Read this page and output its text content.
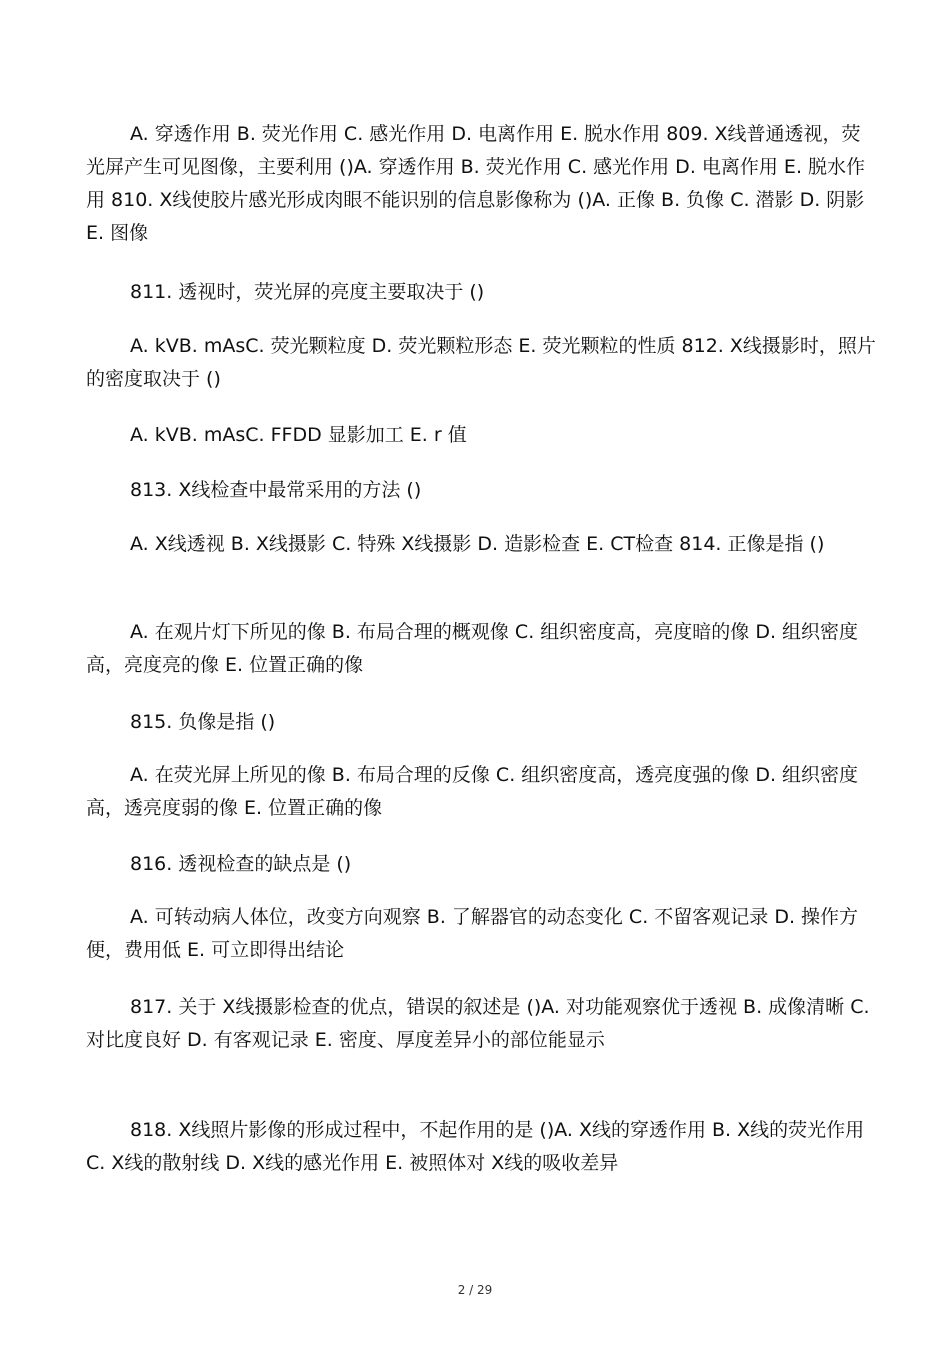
A. 穿透作用 B. 荧光作用 C. 感光作用 D. 电离作用 E. 脱水作用 809. X线普通透视，荧光屏产生可见图像，主要利用 ()A. 穿透作用 B. 荧光作用 C. 感光作用 D. 电离作用 E. 脱水作用 810. X线使胶片感光形成肉眼不能识别的信息影像称为 ()A. 正像 B. 负像 C. 潜影 D. 阴影 E. 图像

811. 透视时，荧光屏的亮度主要取决于 ()

A. kVB. mAsC. 荧光颗粒度 D. 荧光颗粒形态 E. 荧光颗粒的性质 812. X线摄影时，照片的密度取决于 ()

A. kVB. mAsC. FFDD 显影加工 E. r 值

813. X线检查中最常采用的方法 ()

A. X线透视 B. X线摄影 C. 特殊 X线摄影 D. 造影检查 E. CT检查 814. 正像是指 ()

A. 在观片灯下所见的像 B. 布局合理的概观像 C. 组织密度高，亮度暗的像 D. 组织密度高，亮度亮的像 E. 位置正确的像

815. 负像是指 ()

A. 在荧光屏上所见的像 B. 布局合理的反像 C. 组织密度高，透亮度强的像 D. 组织密度高，透亮度弱的像 E. 位置正确的像

816. 透视检查的缺点是 ()

A. 可转动病人体位，改变方向观察 B. 了解器官的动态变化 C. 不留客观记录 D. 操作方便，费用低 E. 可立即得出结论

817. 关于 X线摄影检查的优点，错误的叙述是 ()A. 对功能观察优于透视 B. 成像清晰 C. 对比度良好 D. 有客观记录 E. 密度、厚度差异小的部位能显示

818. X线照片影像的形成过程中，不起作用的是 ()A. X线的穿透作用 B. X线的荧光作用 C. X线的散射线 D. X线的感光作用 E. 被照体对 X线的吸收差异

2 / 29
